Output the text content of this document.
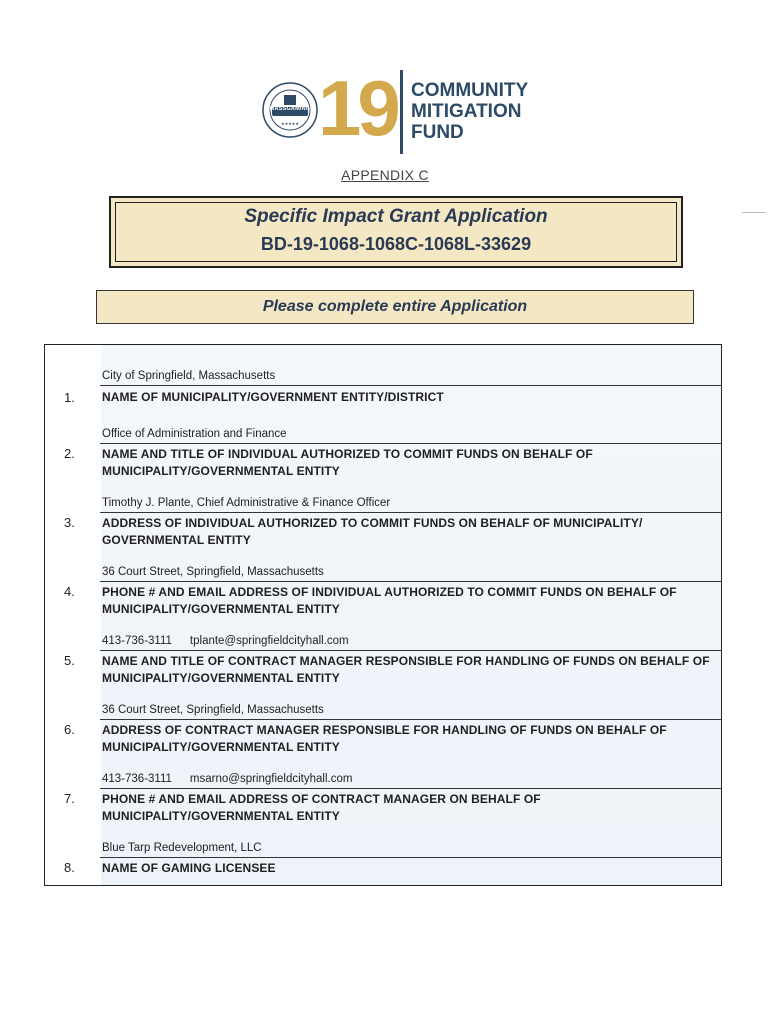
★★★★★
MASSGAMING 19 COMMUNITY
MITIGATION
FUND
APPENDIX C
Specific Impact Grant Application
BD-19-1068-1068C-1068L-33629
Please complete entire Application
City of Springfield, Massachusetts
1. NAME OF MUNICIPALITY/GOVERNMENT ENTITY/DISTRICT
Office of Administration and Finance
2. NAME AND TITLE OF INDIVIDUAL AUTHORIZED TO COMMIT FUNDS ON BEHALF OF MUNICIPALITY/GOVERNMENTAL ENTITY
Timothy J. Plante, Chief Administrative & Finance Officer
3. ADDRESS OF INDIVIDUAL AUTHORIZED TO COMMIT FUNDS ON BEHALF OF MUNICIPALITY/ GOVERNMENTAL ENTITY
36 Court Street, Springfield, Massachusetts
4. PHONE # AND EMAIL ADDRESS OF INDIVIDUAL AUTHORIZED TO COMMIT FUNDS ON BEHALF OF MUNICIPALITY/GOVERNMENTAL ENTITY
413-736-3111 tplante@springfieldcityhall.com
5. NAME AND TITLE OF CONTRACT MANAGER RESPONSIBLE FOR HANDLING OF FUNDS ON BEHALF OF MUNICIPALITY/GOVERNMENTAL ENTITY
36 Court Street, Springfield, Massachusetts
6. ADDRESS OF CONTRACT MANAGER RESPONSIBLE FOR HANDLING OF FUNDS ON BEHALF OF MUNICIPALITY/GOVERNMENTAL ENTITY
413-736-3111 msarno@springfieldcityhall.com
7. PHONE # AND EMAIL ADDRESS OF CONTRACT MANAGER ON BEHALF OF MUNICIPALITY/GOVERNMENTAL ENTITY
Blue Tarp Redevelopment, LLC
8. NAME OF GAMING LICENSEE
